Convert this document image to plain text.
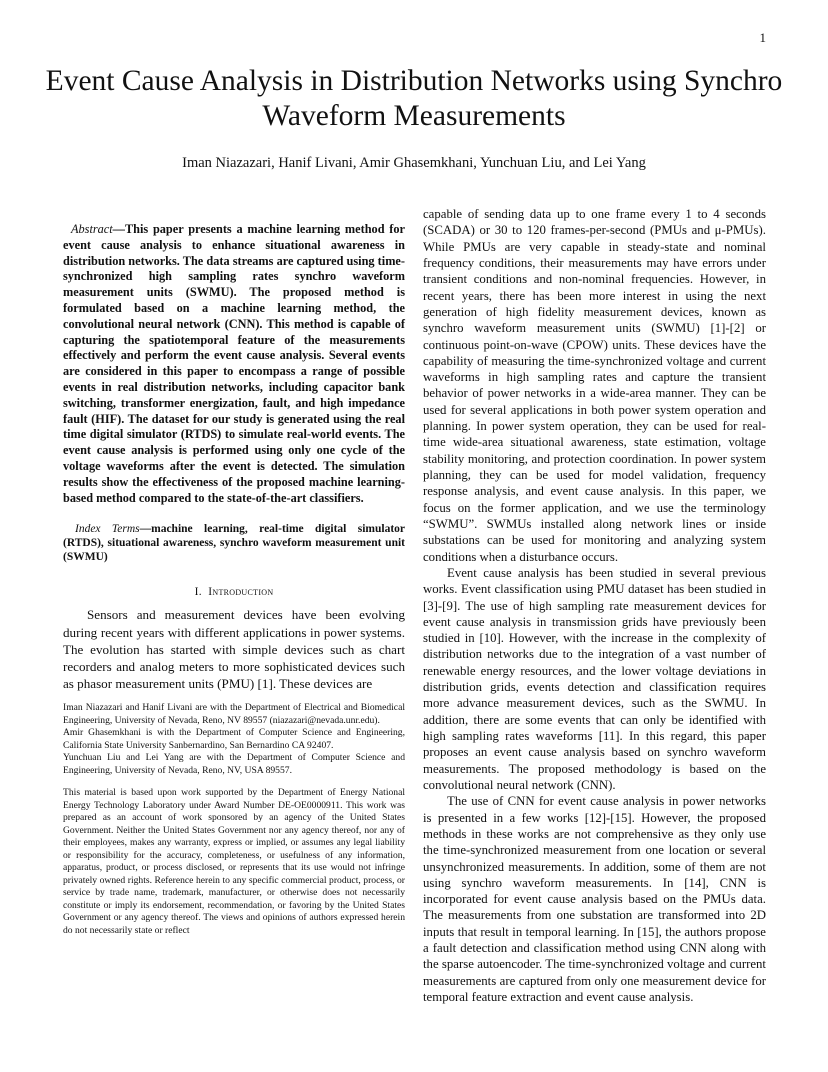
1
Event Cause Analysis in Distribution Networks using Synchro Waveform Measurements
Iman Niazazari, Hanif Livani, Amir Ghasemkhani, Yunchuan Liu, and Lei Yang

Abstract—This paper presents a machine learning method for event cause analysis to enhance situational awareness in distribution networks. The data streams are captured using time-synchronized high sampling rates synchro waveform measurement units (SWMU). The proposed method is formulated based on a machine learning method, the convolutional neural network (CNN). This method is capable of capturing the spatiotemporal feature of the measurements effectively and perform the event cause analysis. Several events are considered in this paper to encompass a range of possible events in real distribution networks, including capacitor bank switching, transformer energization, fault, and high impedance fault (HIF). The dataset for our study is generated using the real time digital simulator (RTDS) to simulate real-world events. The event cause analysis is performed using only one cycle of the voltage waveforms after the event is detected. The simulation results show the effectiveness of the proposed machine learning-based method compared to the state-of-the-art classifiers.

Index Terms—machine learning, real-time digital simulator (RTDS), situational awareness, synchro waveform measurement unit (SWMU)

I. Introduction

Sensors and measurement devices have been evolving during recent years with different applications in power systems. The evolution has started with simple devices such as chart recorders and analog meters to more sophisticated devices such as phasor measurement units (PMU) [1]. These devices are

Iman Niazazari and Hanif Livani are with the Department of Electrical and Biomedical Engineering, University of Nevada, Reno, NV 89557 (niazazari@nevada.unr.edu).

Amir Ghasemkhani is with the Department of Computer Science and Engineering, California State University Sanbernardino, San Bernardino CA 92407.

Yunchuan Liu and Lei Yang are with the Department of Computer Science and Engineering, University of Nevada, Reno, NV, USA 89557.

This material is based upon work supported by the Department of Energy National Energy Technology Laboratory under Award Number DE-OE0000911. This work was prepared as an account of work sponsored by an agency of the United States Government. Neither the United States Government nor any agency thereof, nor any of their employees, makes any warranty, express or implied, or assumes any legal liability or responsibility for the accuracy, completeness, or usefulness of any information, apparatus, product, or process disclosed, or represents that its use would not infringe privately owned rights. Reference herein to any specific commercial product, process, or service by trade name, trademark, manufacturer, or otherwise does not necessarily constitute or imply its endorsement, recommendation, or favoring by the United States Government or any agency thereof. The views and opinions of authors expressed herein do not necessarily state or reflect

capable of sending data up to one frame every 1 to 4 seconds (SCADA) or 30 to 120 frames-per-second (PMUs and μ-PMUs). While PMUs are very capable in steady-state and nominal frequency conditions, their measurements may have errors under transient conditions and non-nominal frequencies. However, in recent years, there has been more interest in using the next generation of high fidelity measurement devices, known as synchro waveform measurement units (SWMU) [1]-[2] or continuous point-on-wave (CPOW) units. These devices have the capability of measuring the time-synchronized voltage and current waveforms in high sampling rates and capture the transient behavior of power networks in a wide-area manner. They can be used for several applications in both power system operation and planning. In power system operation, they can be used for real-time wide-area situational awareness, state estimation, voltage stability monitoring, and protection coordination. In power system planning, they can be used for model validation, frequency response analysis, and event cause analysis. In this paper, we focus on the former application, and we use the terminology “SWMU”. SWMUs installed along network lines or inside substations can be used for monitoring and analyzing system conditions when a disturbance occurs.

Event cause analysis has been studied in several previous works. Event classification using PMU dataset has been studied in [3]-[9]. The use of high sampling rate measurement devices for event cause analysis in transmission grids have previously been studied in [10]. However, with the increase in the complexity of distribution networks due to the integration of a vast number of renewable energy resources, and the lower voltage deviations in distribution grids, events detection and classification requires more advance measurement devices, such as the SWMU. In addition, there are some events that can only be identified with high sampling rates waveforms [11]. In this regard, this paper proposes an event cause analysis based on synchro waveform measurements. The proposed methodology is based on the convolutional neural network (CNN).

The use of CNN for event cause analysis in power networks is presented in a few works [12]-[15]. However, the proposed methods in these works are not comprehensive as they only use the time-synchronized measurement from one location or several unsynchronized measurements. In addition, some of them are not using synchro waveform measurements. In [14], CNN is incorporated for event cause analysis based on the PMUs data. The measurements from one substation are transformed into 2D inputs that result in temporal learning. In [15], the authors propose a fault detection and classification method using CNN along with the sparse autoencoder. The time-synchronized voltage and current measurements are captured from only one measurement device for temporal feature extraction and event cause analysis.
